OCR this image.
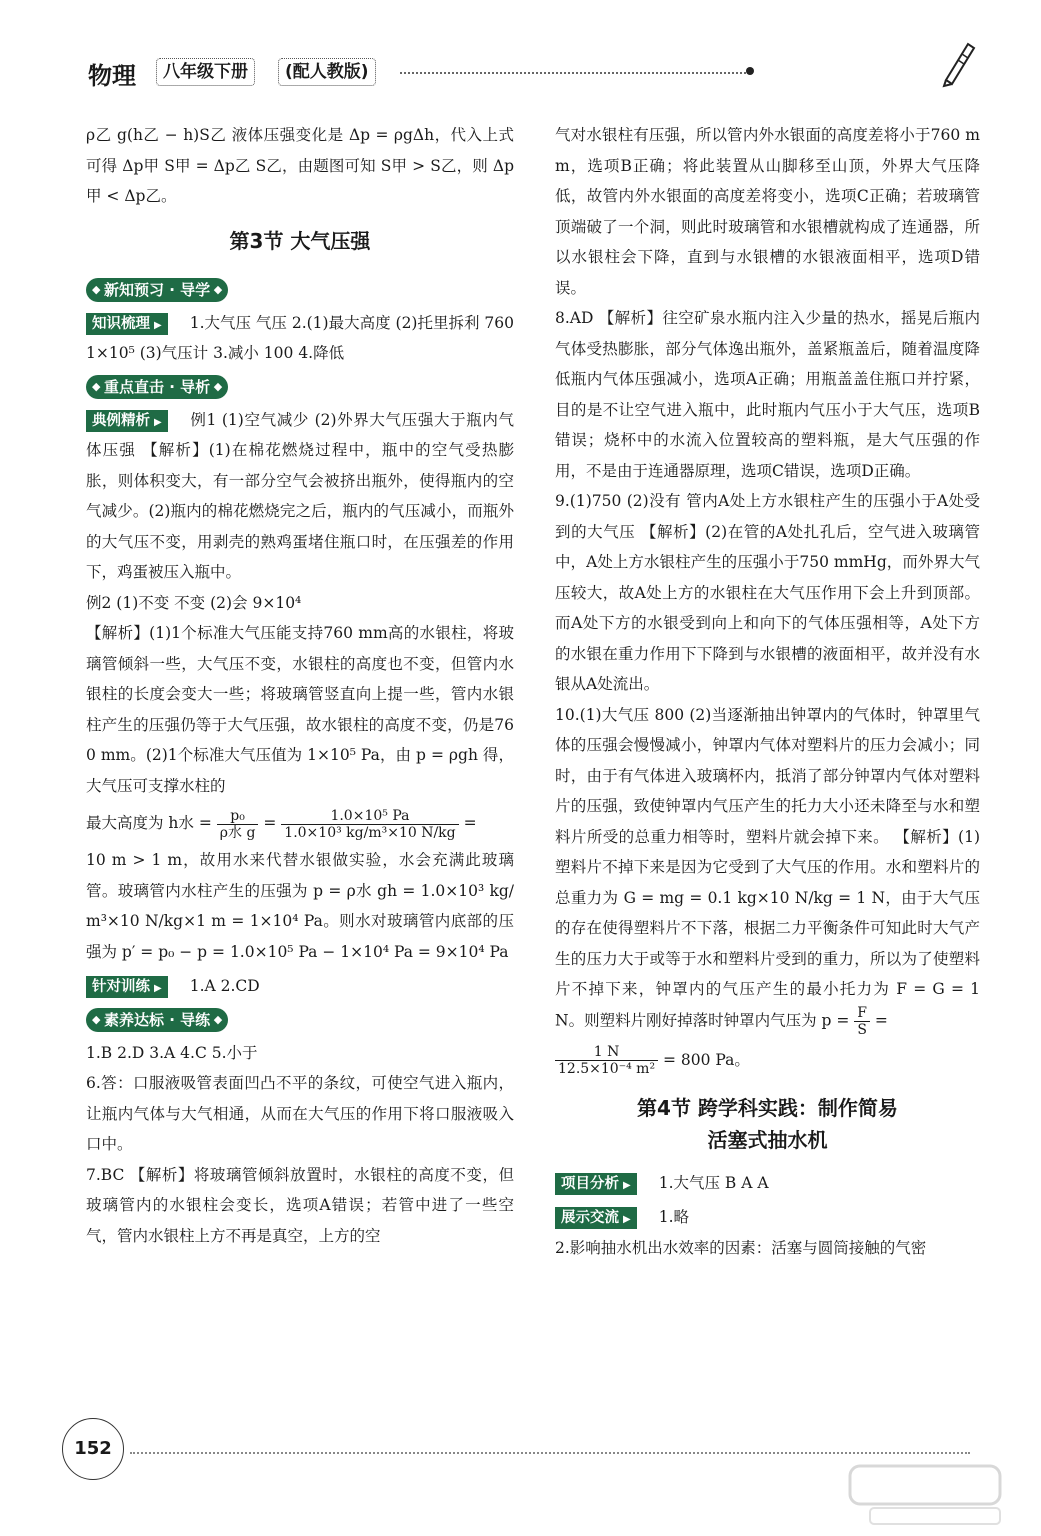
物理	八年级下册	(配人教版)

ρ乙 g(h乙 − h)S乙 液体压强变化是 Δp = ρgΔh，代入上式可得 Δp甲 S甲 = Δp乙 S乙，由题图可知 S甲 > S乙，则 Δp甲 < Δp乙。

第3节 大气压强
◆ 新知预习 · 导学 ◆

知识梳理 ▶ 1.大气压 气压 2.(1)最大高度 (2)托里拆利 760 1×10⁵ (3)气压计 3.减小 100 4.降低

◆ 重点直击 · 导析 ◆

典例精析 ▶ 例1 (1)空气减少 (2)外界大气压强大于瓶内气体压强 【解析】(1)在棉花燃烧过程中，瓶中的空气受热膨胀，则体积变大，有一部分空气会被挤出瓶外，使得瓶内的空气减少。(2)瓶内的棉花燃烧完之后，瓶内的气压减小，而瓶外的大气压不变，用剥壳的熟鸡蛋堵住瓶口时，在压强差的作用下，鸡蛋被压入瓶中。

例2 (1)不变 不变 (2)会 9×10⁴

【解析】(1)1个标准大气压能支持760 mm高的水银柱，将玻璃管倾斜一些，大气压不变，水银柱的高度也不变，但管内水银柱的长度会变大一些；将玻璃管竖直向上提一些，管内水银柱产生的压强仍等于大气压强，故水银柱的高度不变，仍是760 mm。(2)1个标准大气压值为 1×10⁵ Pa，由 p = ρgh 得，大气压可支撑水柱的

最大高度为 h水 = $\frac{\text{p₀}}{\text{ρ水 g}} = \frac{\text{1.0×10⁵ Pa}}{\text{1.0×10³ kg/m³×10 N/kg}}$ =

10 m > 1 m，故用水来代替水银做实验，水会充满此玻璃管。玻璃管内水柱产生的压强为 p = ρ水 gh = 1.0×10³ kg/m³×10 N/kg×1 m = 1×10⁴ Pa。则水对玻璃管内底部的压强为 p′ = p₀ − p = 1.0×10⁵ Pa − 1×10⁴ Pa = 9×10⁴ Pa

针对训练 ▶ 1.A 2.CD

◆ 素养达标 · 导练 ◆

1.B 2.D 3.A 4.C 5.小于

6.答：口服液吸管表面凹凸不平的条纹，可使空气进入瓶内，让瓶内气体与大气相通，从而在大气压的作用下将口服液吸入口中。

7.BC 【解析】将玻璃管倾斜放置时，水银柱的高度不变，但玻璃管内的水银柱会变长，选项A错误；若管中进了一些空气，管内水银柱上方不再是真空，上方的空

气对水银柱有压强，所以管内外水银面的高度差将小于760 mm，选项B正确；将此装置从山脚移至山顶，外界大气压降低，故管内外水银面的高度差将变小，选项C正确；若玻璃管顶端破了一个洞，则此时玻璃管和水银槽就构成了连通器，所以水银柱会下降，直到与水银槽的水银液面相平，选项D错误。

8.AD 【解析】往空矿泉水瓶内注入少量的热水，摇晃后瓶内气体受热膨胀，部分气体逸出瓶外，盖紧瓶盖后，随着温度降低瓶内气体压强减小，选项A正确；用瓶盖盖住瓶口并拧紧，目的是不让空气进入瓶中，此时瓶内气压小于大气压，选项B错误；烧杯中的水流入位置较高的塑料瓶，是大气压强的作用，不是由于连通器原理，选项C错误，选项D正确。

9.(1)750 (2)没有 管内A处上方水银柱产生的压强小于A处受到的大气压 【解析】(2)在管的A处扎孔后，空气进入玻璃管中，A处上方水银柱产生的压强小于750 mmHg，而外界大气压较大，故A处上方的水银柱在大气压作用下会上升到顶部。而A处下方的水银受到向上和向下的气体压强相等，A处下方的水银在重力作用下下降到与水银槽的液面相平，故并没有水银从A处流出。

10.(1)大气压 800 (2)当逐渐抽出钟罩内的气体时，钟罩里气体的压强会慢慢减小，钟罩内气体对塑料片的压力会减小；同时，由于有气体进入玻璃杯内，抵消了部分钟罩内气体对塑料片的压强，致使钟罩内气压产生的托力大小还未降至与水和塑料片所受的总重力相等时，塑料片就会掉下来。 【解析】(1)塑料片不掉下来是因为它受到了大气压的作用。水和塑料片的总重力为 G = mg = 0.1 kg×10 N/kg = 1 N，由于大气压的存在使得塑料片不下落，根据二力平衡条件可知此时大气产生的压力大于或等于水和塑料片受到的重力，所以为了使塑料片不掉下来，钟罩内的气压产生的最小托力为 F = G = 1 N。则塑料片刚好掉落时钟罩内气压为 $p = \frac{F}{S}$ =

$\frac{1 N}{\text{12.5×10⁻⁴ m²}} = 800$ Pa。

第4节 跨学科实践：制作简易
活塞式抽水机

项目分析 ▶ 1.大气压 B A A

展示交流 ▶ 1.略

2.影响抽水机出水效率的因素：活塞与圆筒接触的气密

152
